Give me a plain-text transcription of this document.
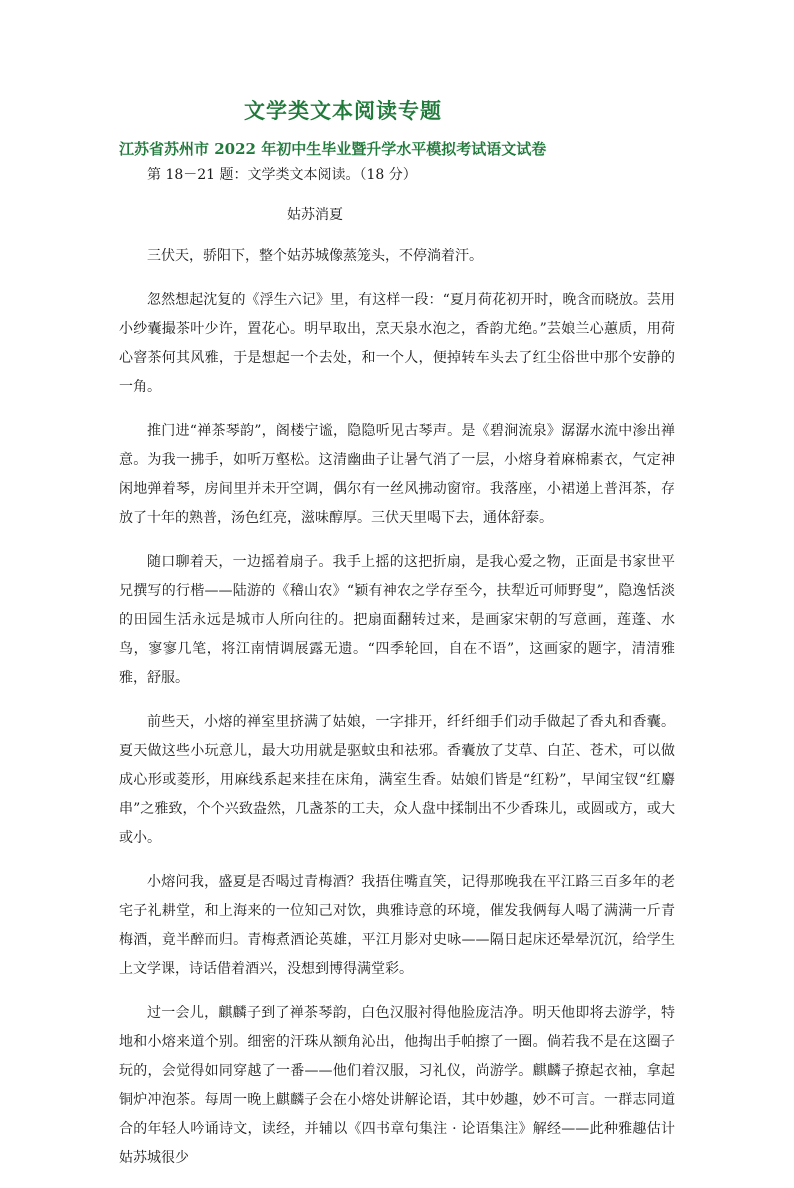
文学类文本阅读专题
江苏省苏州市 2022 年初中生毕业暨升学水平模拟考试语文试卷
第 18－21 题：文学类文本阅读。（18 分）
姑苏消夏

三伏天，骄阳下，整个姑苏城像蒸笼头，不停淌着汗。

忽然想起沈复的《浮生六记》里，有这样一段：“夏月荷花初开时，晚含而晓放。芸用小纱囊撮茶叶少许，置花心。明早取出，烹天泉水泡之，香韵尤绝。”芸娘兰心蕙质，用荷心窨茶何其风雅，于是想起一个去处，和一个人，便掉转车头去了红尘俗世中那个安静的一角。

推门进“禅茶琴韵”，阁楼宁谧，隐隐听见古琴声。是《碧涧流泉》潺潺水流中渗出禅意。为我一拂手，如听万壑松。这清幽曲子让暑气消了一层，小熔身着麻棉素衣，气定神闲地弹着琴，房间里并未开空调，偶尔有一丝风拂动窗帘。我落座，小裙递上普洱茶，存放了十年的熟普，汤色红亮，滋味醇厚。三伏天里喝下去，通体舒泰。

随口聊着天，一边摇着扇子。我手上摇的这把折扇，是我心爱之物，正面是书家世平兄撰写的行楷——陆游的《稽山农》“颖有神农之学存至今，扶犁近可师野叟”，隐逸恬淡的田园生活永远是城市人所向往的。把扇面翻转过来，是画家宋朝的写意画，莲蓬、水鸟，寥寥几笔，将江南情调展露无遗。“四季轮回，自在不语”，这画家的题字，清清雅雅，舒服。

前些天，小熔的禅室里挤满了姑娘，一字排开，纤纤细手们动手做起了香丸和香囊。夏天做这些小玩意儿，最大功用就是驱蚊虫和祛邪。香囊放了艾草、白芷、苍术，可以做成心形或菱形，用麻线系起来挂在床角，满室生香。姑娘们皆是“红粉”，早闻宝钗“红麝串”之雅致，个个兴致盎然，几盏茶的工夫，众人盘中揉制出不少香珠儿，或圆或方，或大或小。

小熔问我，盛夏是否喝过青梅酒？我捂住嘴直笑，记得那晚我在平江路三百多年的老宅子礼耕堂，和上海来的一位知己对饮，典雅诗意的环境，催发我俩每人喝了满满一斤青梅酒，竟半醉而归。青梅煮酒论英雄，平江月影对史咏——隔日起床还晕晕沉沉，给学生上文学课，诗话借着酒兴，没想到博得满堂彩。

过一会儿，麒麟子到了禅茶琴韵，白色汉服衬得他脸庞洁净。明天他即将去游学，特地和小熔来道个别。细密的汗珠从额角沁出，他掏出手帕擦了一圈。倘若我不是在这圈子玩的，会觉得如同穿越了一番——他们着汉服，习礼仪，尚游学。麒麟子撩起衣袖，拿起铜炉冲泡茶。每周一晚上麒麟子会在小熔处讲解论语，其中妙趣，妙不可言。一群志同道合的年轻人吟诵诗文，读经，并辅以《四书章句集注 · 论语集注》解经——此种雅趣估计姑苏城很少
